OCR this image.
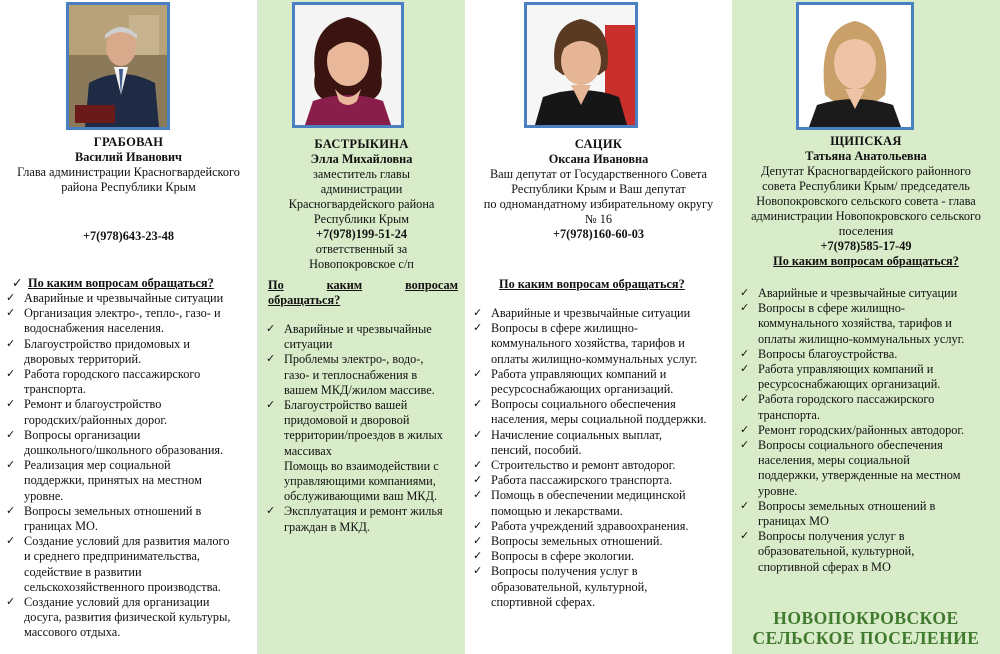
ГРАБОВАН
Василий Иванович
Глава администрации Красногвардейского
района Республики Крым
+7(978)643-23-48
✓ По каким вопросам обращаться?
✓ Аварийные и чрезвычайные ситуации
✓ Организация электро-, тепло-, газо- и
водоснабжения населения.
✓ Благоустройство придомовых и
дворовых территорий.
✓ Работа городского пассажирского
транспорта.
✓ Ремонт и благоустройство
городских/районных дорог.
✓ Вопросы организации
дошкольного/школьного образования.
✓ Реализация мер социальной
поддержки, принятых на местном
уровне.
✓ Вопросы земельных отношений в
границах МО.
✓ Создание условий для развития малого
и среднего предпринимательства,
содействие в развитии
сельскохозяйственного производства.
✓ Создание условий для организации
досуга, развития физической культуры,
массового отдыха.
БАСТРЫКИНА
Элла Михайловна
заместитель главы
администрации
Красногвардейского района
Республики Крым
+7(978)199-51-24
ответственный за
Новопокровское с/п
По	каким	вопросам
обращаться?
✓ Аварийные и чрезвычайные
ситуации
✓ Проблемы электро-, водо-,
газо- и теплоснабжения в
вашем МКД/жилом массиве.
✓ Благоустройство вашей
придомовой и дворовой
территории/проездов в жилых
массивах
Помощь во взаимодействии с
управляющими компаниями,
обслуживающими ваш МКД.
✓ Эксплуатация и ремонт жилья
граждан в МКД.
САЦИК
Оксана Ивановна
Ваш депутат от Государственного Совета
Республики Крым и Ваш депутат
по одномандатному избирательному округу
№ 16
+7(978)160-60-03
По каким вопросам обращаться?
✓ Аварийные и чрезвычайные ситуации
✓ Вопросы в сфере жилищно-
коммунального хозяйства, тарифов и
оплаты жилищно-коммунальных услуг.
✓ Работа управляющих компаний и
ресурсоснабжающих организаций.
✓ Вопросы социального обеспечения
населения, меры социальной поддержки.
✓ Начисление социальных выплат,
пенсий, пособий.
✓ Строительство и ремонт автодорог.
✓ Работа пассажирского транспорта.
✓ Помощь в обеспечении медицинской
помощью и лекарствами.
✓ Работа учреждений здравоохранения.
✓ Вопросы земельных отношений.
✓ Вопросы в сфере экологии.
✓ Вопросы получения услуг в
образовательной, культурной,
спортивной сферах.
ЩИПСКАЯ
Татьяна Анатольевна
Депутат Красногвардейского районного
совета Республики Крым/ председатель
Новопокровского сельского совета - глава
администрации Новопокровского сельского
поселения
+7(978)585-17-49
По каким вопросам обращаться?
✓ Аварийные и чрезвычайные ситуации
✓ Вопросы в сфере жилищно-
коммунального хозяйства, тарифов и
оплаты жилищно-коммунальных услуг.
✓ Вопросы благоустройства.
✓ Работа управляющих компаний и
ресурсоснабжающих организаций.
✓ Работа городского пассажирского
транспорта.
✓ Ремонт городских/районных автодорог.
✓ Вопросы социального обеспечения
населения, меры социальной
поддержки, утвержденные на местном
уровне.
✓ Вопросы земельных отношений в
границах МО
✓ Вопросы получения услуг в
образовательной, культурной,
спортивной сферах в МО
НОВОПОКРОВСКОЕ
СЕЛЬСКОЕ ПОСЕЛЕНИЕ
